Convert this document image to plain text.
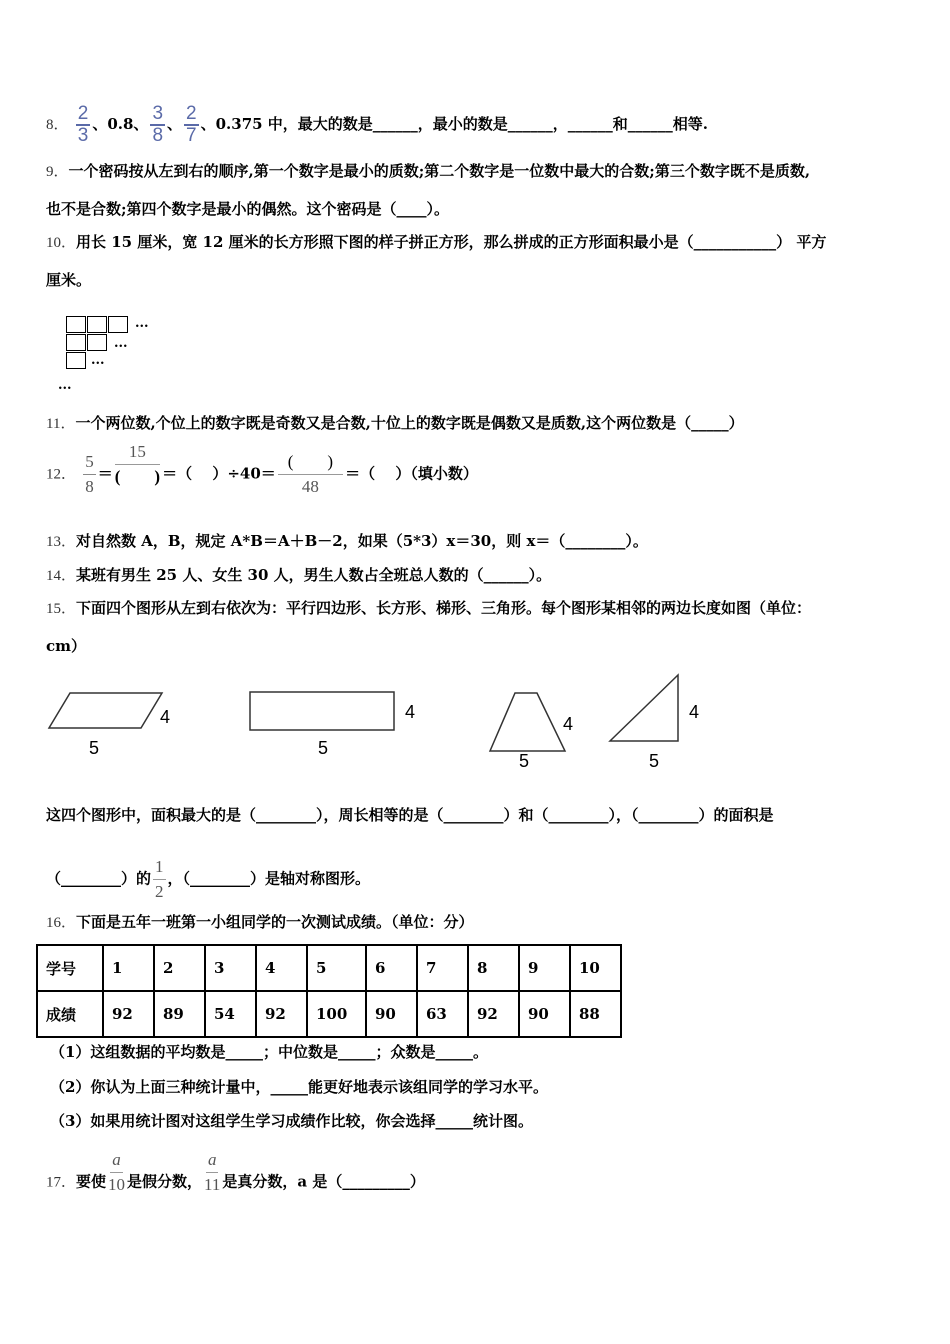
8． $\frac{2}{3}$ 、0.8、 $\frac{3}{8}$ 、 $\frac{2}{7}$ 、0.375 中，最大的数是______，最小的数是______，______和______相等.
9．一个密码按从左到右的顺序,第一个数字是最小的质数;第二个数字是一位数中最大的合数;第三个数字既不是质数,
也不是合数;第四个数字是最小的偶然。这个密码是（____）。
10．用长 15 厘米，宽 12 厘米的长方形照下图的样子拼正方形，那么拼成的正方形面积最小是（___________） 平方
厘米。
...
...
...
...
11．一个两位数,个位上的数字既是奇数又是合数,十位上的数字既是偶数又是质数,这个两位数是（_____）
12． $\frac{5}{8} = \frac{15}{( )}$ ＝（　 ）$\div 40= \frac{( )}{48}$ ＝（　 ）（填小数）
13．对自然数 A，B，规定 A*B＝A＋B－2，如果（5*3）x＝30，则 x＝（________）。
14．某班有男生 25 人、女生 30 人，男生人数占全班总人数的（______）。
15．下面四个图形从左到右依次为：平行四边形、长方形、梯形、三角形。每个图形某相邻的两边长度如图（单位：
cm）
4
5
4
5
4
5
4
5
这四个图形中，面积最大的是（________），周长相等的是（________）和（________），（________）的面积是
（________）的 $\frac{1}{2}$ ，（________）是轴对称图形。
16．下面是五年一班第一小组同学的一次测试成绩。（单位：分）
学号	1	2	3	4	5	6	7	8	9	10
成绩	92	89	54	92	100	90	63	92	90	88
（1）这组数据的平均数是_____；中位数是_____；众数是_____。
（2）你认为上面三种统计量中，_____能更好地表示该组同学的学习水平。
（3）如果用统计图对这组学生学习成绩作比较，你会选择_____统计图。
17．要使 $\frac{a}{10}$ 是假分数， $\frac{a}{11}$ 是真分数，a 是（_________）
